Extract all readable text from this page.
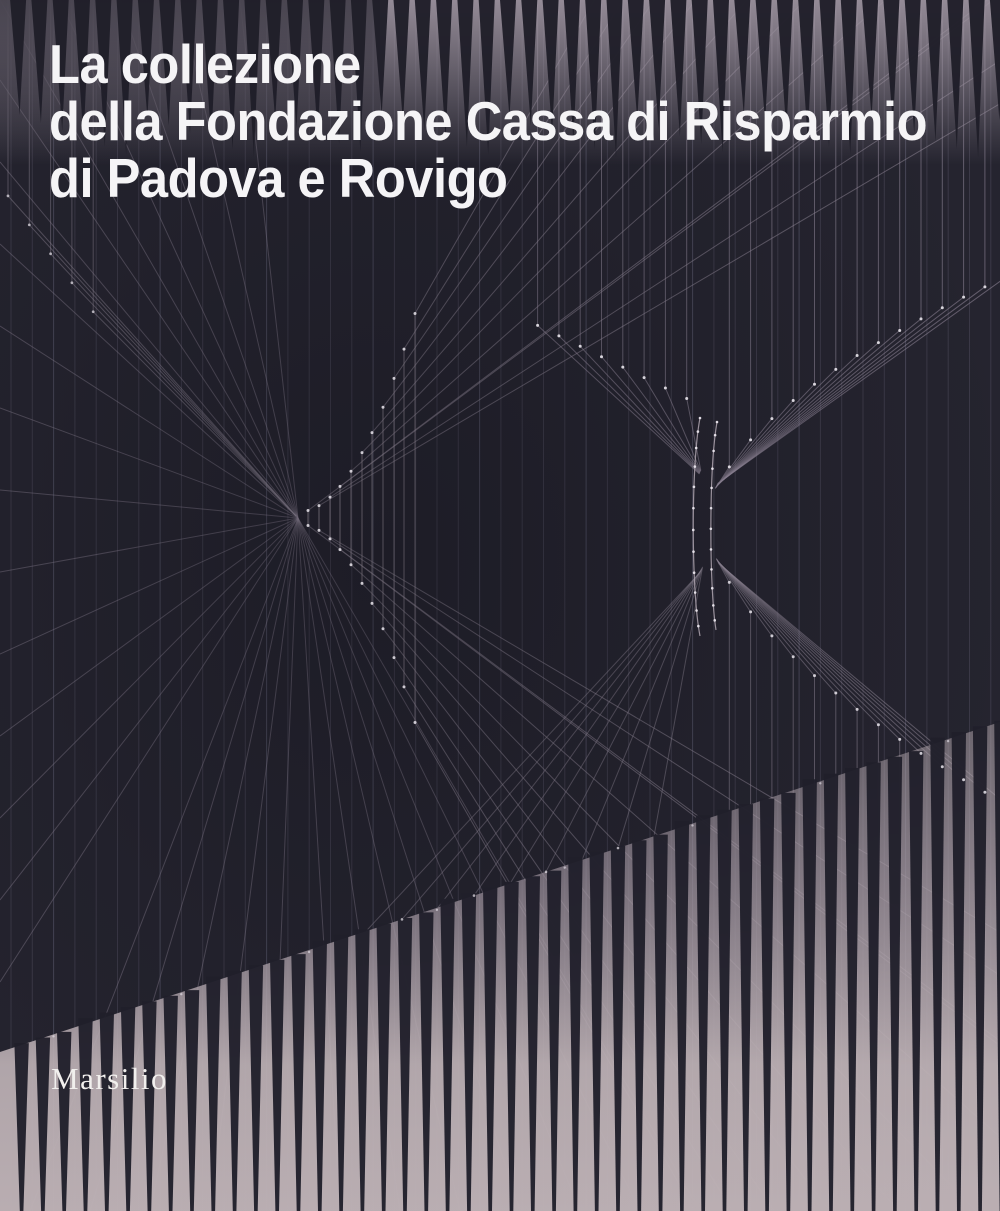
La collezione
della Fondazione Cassa di Risparmio
di Padova e Rovigo
Marsilio
